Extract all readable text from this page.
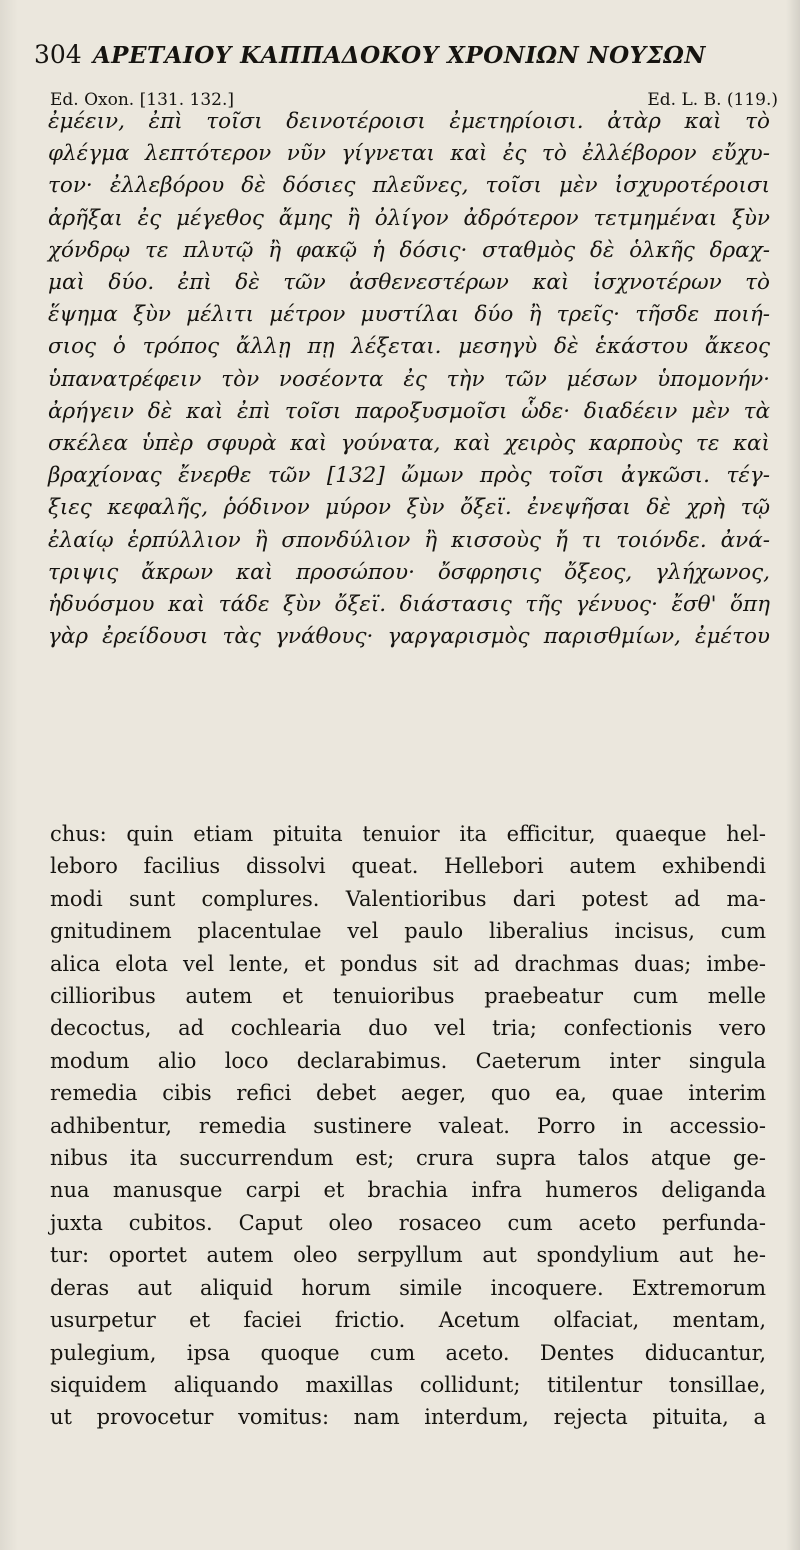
304 ΑΡΕΤΑΙΟΥ ΚΑΠΠΑΔΟΚΟΥ ΧΡΟΝΙΩΝ ΝΟΥΣΩΝ
Ed. Oxon. [131. 132.]	Ed. L. B. (119.)
ἐμέειν, ἐπὶ τοῖσι δεινοτέροισι ἐμετηρίοισι. ἀτὰρ καὶ τὸ
φλέγμα λεπτότερον νῦν γίγνεται καὶ ἐς τὸ ἐλλέβορον εὔχυ-
τον· ἐλλεβόρου δὲ δόσιες πλεῦνες, τοῖσι μὲν ἰσχυροτέροισι
ἀρῆξαι ἐς μέγεθος ἄμης ἢ ὀλίγον ἀδρότερον τετμημέναι ξὺν
χόνδρῳ τε πλυτῷ ἢ φακῷ ἡ δόσις· σταθμὸς δὲ ὁλκῆς δραχ-
μαὶ δύο. ἐπὶ δὲ τῶν ἀσθενεστέρων καὶ ἰσχνοτέρων τὸ
ἕψημα ξὺν μέλιτι μέτρον μυστίλαι δύο ἢ τρεῖς· τῆσδε ποιή-
σιος ὁ τρόπος ἄλλῃ πῃ λέξεται. μεσηγὺ δὲ ἑκάστου ἄκεος
ὑπανατρέφειν τὸν νοσέοντα ἐς τὴν τῶν μέσων ὑπομονήν·
ἀρήγειν δὲ καὶ ἐπὶ τοῖσι παροξυσμοῖσι ὧδε· διαδέειν μὲν τὰ
σκέλεα ὑπὲρ σφυρὰ καὶ γούνατα, καὶ χειρὸς καρποὺς τε καὶ
βραχίονας ἔνερθε τῶν [132] ὤμων πρὸς τοῖσι ἀγκῶσι. τέγ-
ξιες κεφαλῆς, ῥόδινον μύρον ξὺν ὄξεϊ. ἐνεψῆσαι δὲ χρὴ τῷ
ἐλαίῳ ἑρπύλλιον ἢ σπονδύλιον ἢ κισσοὺς ἤ τι τοιόνδε. ἀνά-
τριψις ἄκρων καὶ προσώπου· ὄσφρησις ὄξεος, γλήχωνος,
ἡδυόσμου καὶ τάδε ξὺν ὄξεϊ. διάστασις τῆς γένυος· ἔσθ' ὅπη
γὰρ ἐρείδουσι τὰς γνάθους· γαργαρισμὸς παρισθμίων, ἐμέτου
chus: quin etiam pituita tenuior ita efficitur, quaeque hel-
leboro facilius dissolvi queat. Hellebori autem exhibendi
modi sunt complures. Valentioribus dari potest ad ma-
gnitudinem placentulae vel paulo liberalius incisus, cum
alica elota vel lente, et pondus sit ad drachmas duas; imbe-
cillioribus autem et tenuioribus praebeatur cum melle
decoctus, ad cochlearia duo vel tria; confectionis vero
modum alio loco declarabimus. Caeterum inter singula
remedia cibis refici debet aeger, quo ea, quae interim
adhibentur, remedia sustinere valeat. Porro in accessio-
nibus ita succurrendum est; crura supra talos atque ge-
nua manusque carpi et brachia infra humeros deliganda
juxta cubitos. Caput oleo rosaceo cum aceto perfunda-
tur: oportet autem oleo serpyllum aut spondylium aut he-
deras aut aliquid horum simile incoquere. Extremorum
usurpetur et faciei frictio. Acetum olfaciat, mentam,
pulegium, ipsa quoque cum aceto. Dentes diducantur,
siquidem aliquando maxillas collidunt; titilentur tonsillae,
ut provocetur vomitus: nam interdum, rejecta pituita, a
